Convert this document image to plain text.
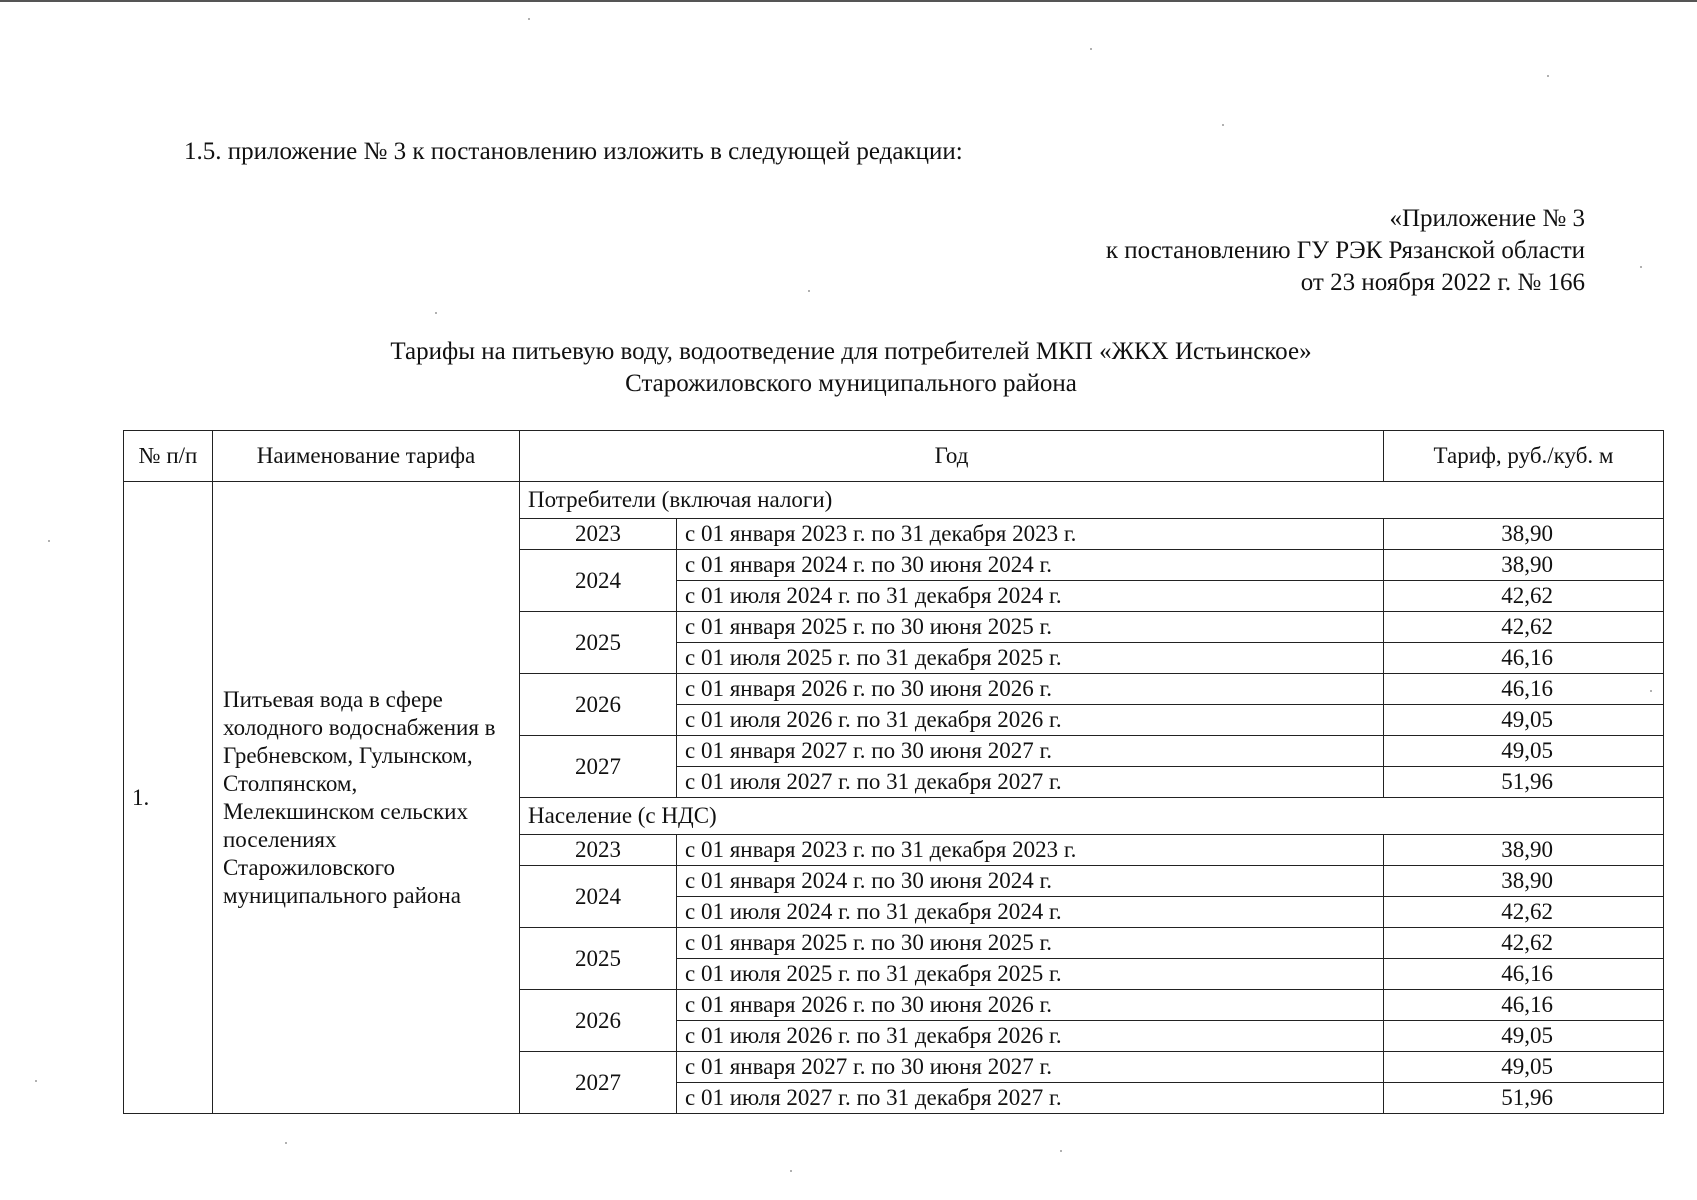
1.5. приложение № 3 к постановлению изложить в следующей редакции:
«Приложение № 3
к постановлению ГУ РЭК Рязанской области
от 23 ноября 2022 г. № 166
Тарифы на питьевую воду, водоотведение для потребителей МКП «ЖКХ Истьинское»
Старожиловского муниципального района
№ п/п	Наименование тарифа	Год		Тариф, руб./куб. м
1.	Питьевая вода в сфере холодного водоснабжения в Гребневском, Гулынском, Столпянском, Мелекшинском сельских поселениях Старожиловского муниципального района	Потребители (включая налоги)		
		2023	с 01 января 2023 г. по 31 декабря 2023 г.	38,90
		2024	с 01 января 2024 г. по 30 июня 2024 г.	38,90
			с 01 июля 2024 г. по 31 декабря 2024 г.	42,62
		2025	с 01 января 2025 г. по 30 июня 2025 г.	42,62
			с 01 июля 2025 г. по 31 декабря 2025 г.	46,16
		2026	с 01 января 2026 г. по 30 июня 2026 г.	46,16
			с 01 июля 2026 г. по 31 декабря 2026 г.	49,05
		2027	с 01 января 2027 г. по 30 июня 2027 г.	49,05
			с 01 июля 2027 г. по 31 декабря 2027 г.	51,96
		Население (с НДС)		
		2023	с 01 января 2023 г. по 31 декабря 2023 г.	38,90
		2024	с 01 января 2024 г. по 30 июня 2024 г.	38,90
			с 01 июля 2024 г. по 31 декабря 2024 г.	42,62
		2025	с 01 января 2025 г. по 30 июня 2025 г.	42,62
			с 01 июля 2025 г. по 31 декабря 2025 г.	46,16
		2026	с 01 января 2026 г. по 30 июня 2026 г.	46,16
			с 01 июля 2026 г. по 31 декабря 2026 г.	49,05
		2027	с 01 января 2027 г. по 30 июня 2027 г.	49,05
			с 01 июля 2027 г. по 31 декабря 2027 г.	51,96
